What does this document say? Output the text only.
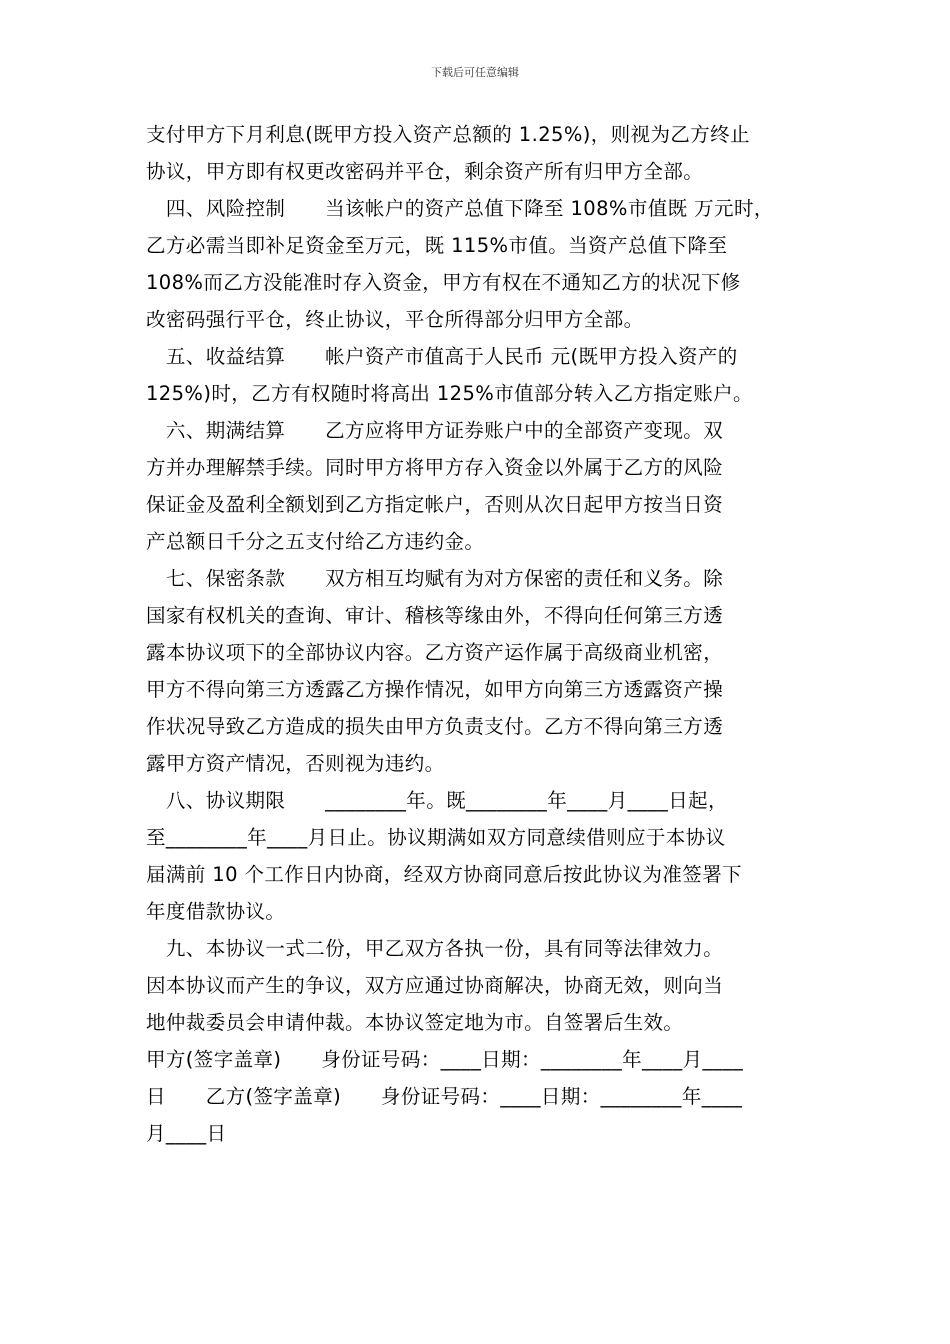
下载后可任意编辑
支付甲方下月利息(既甲方投入资产总额的 1.25%)，则视为乙方终止
协议，甲方即有权更改密码并平仓，剩余资产所有归甲方全部。
　四、风险控制　　当该帐户的资产总值下降至 108%市值既 万元时，
乙方必需当即补足资金至万元，既 115%市值。当资产总值下降至
108%而乙方没能准时存入资金，甲方有权在不通知乙方的状况下修
改密码强行平仓，终止协议，平仓所得部分归甲方全部。
　五、收益结算　　帐户资产市值高于人民币 元(既甲方投入资产的
125%)时，乙方有权随时将高出 125%市值部分转入乙方指定账户。
　六、期满结算　　乙方应将甲方证券账户中的全部资产变现。双
方并办理解禁手续。同时甲方将甲方存入资金以外属于乙方的风险
保证金及盈利全额划到乙方指定帐户，否则从次日起甲方按当日资
产总额日千分之五支付给乙方违约金。
　七、保密条款　　双方相互均赋有为对方保密的责任和义务。除
国家有权机关的查询、审计、稽核等缘由外，不得向任何第三方透
露本协议项下的全部协议内容。乙方资产运作属于高级商业机密，
甲方不得向第三方透露乙方操作情况，如甲方向第三方透露资产操
作状况导致乙方造成的损失由甲方负责支付。乙方不得向第三方透
露甲方资产情况，否则视为违约。
　八、协议期限　　________年。既________年____月____日起，
至________年____月日止。协议期满如双方同意续借则应于本协议
届满前 10 个工作日内协商，经双方协商同意后按此协议为准签署下
年度借款协议。
　九、本协议一式二份，甲乙双方各执一份，具有同等法律效力。
因本协议而产生的争议，双方应通过协商解决，协商无效，则向当
地仲裁委员会申请仲裁。本协议签定地为市。自签署后生效。
甲方(签字盖章)　　身份证号码：____日期：________年____月____
日　　乙方(签字盖章)　　身份证号码：____日期：________年____
月____日
